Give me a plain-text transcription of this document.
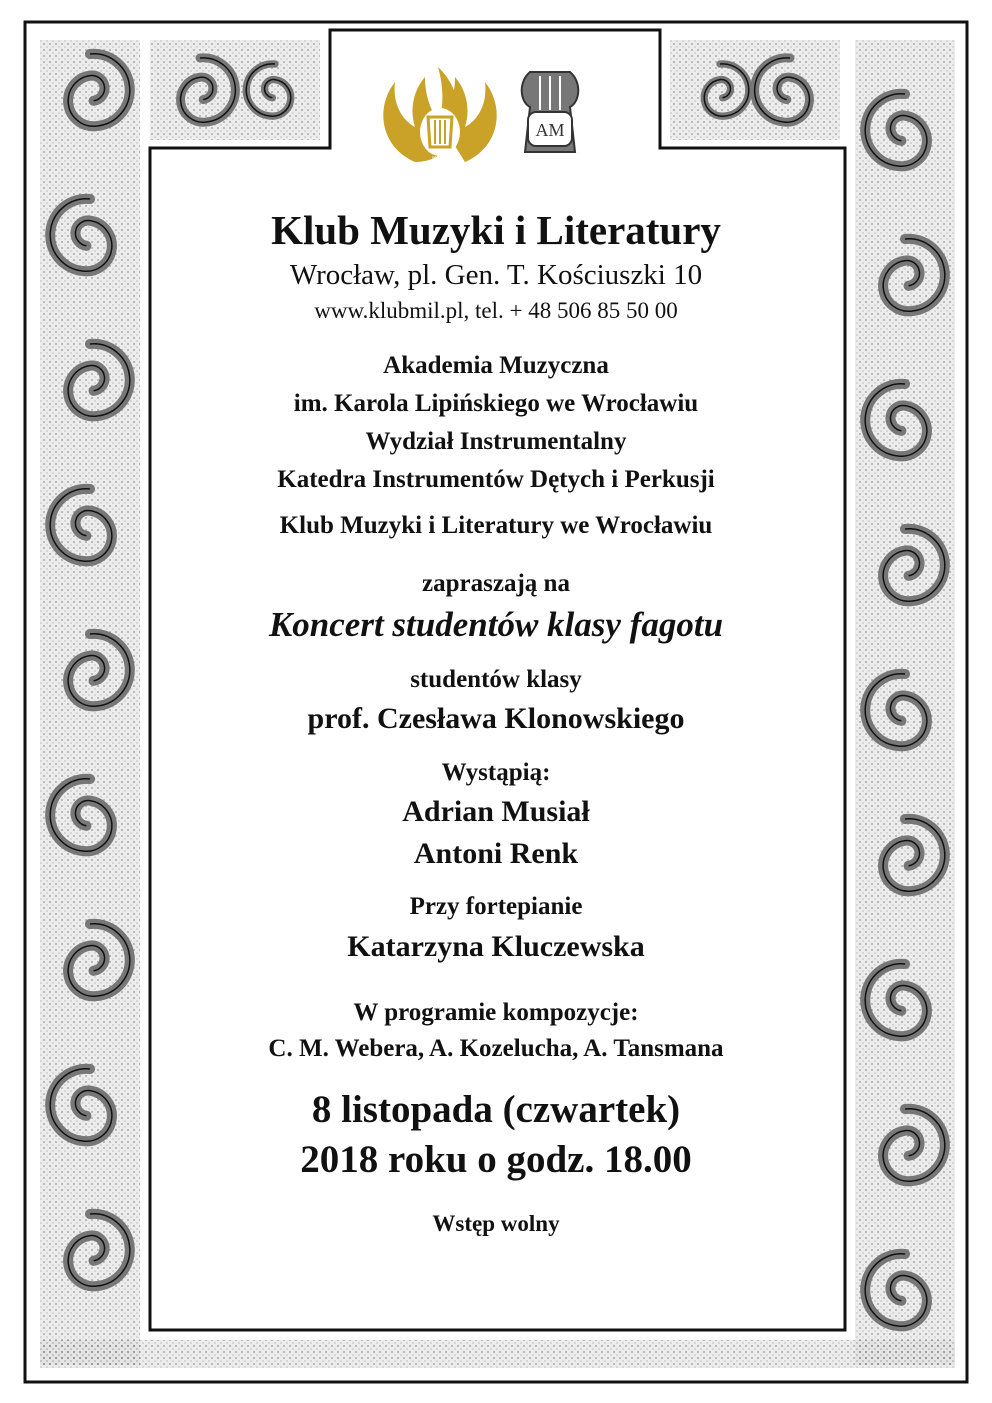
KMiL
AM
Klub Muzyki i Literatury
Wrocław, pl. Gen. T. Kościuszki 10
www.klubmil.pl, tel. + 48 506 85 50 00
Akademia Muzyczna
im. Karola Lipińskiego we Wrocławiu
Wydział Instrumentalny
Katedra Instrumentów Dętych i Perkusji
Klub Muzyki i Literatury we Wrocławiu
zapraszają na
Koncert studentów klasy fagotu
studentów klasy
prof. Czesława Klonowskiego
Wystąpią:
Adrian Musiał
Antoni Renk
Przy fortepianie
Katarzyna Kluczewska
W programie kompozycje:
C. M. Webera, A. Kozelucha, A. Tansmana
8 listopada (czwartek)
2018 roku o godz. 18.00
Wstęp wolny
